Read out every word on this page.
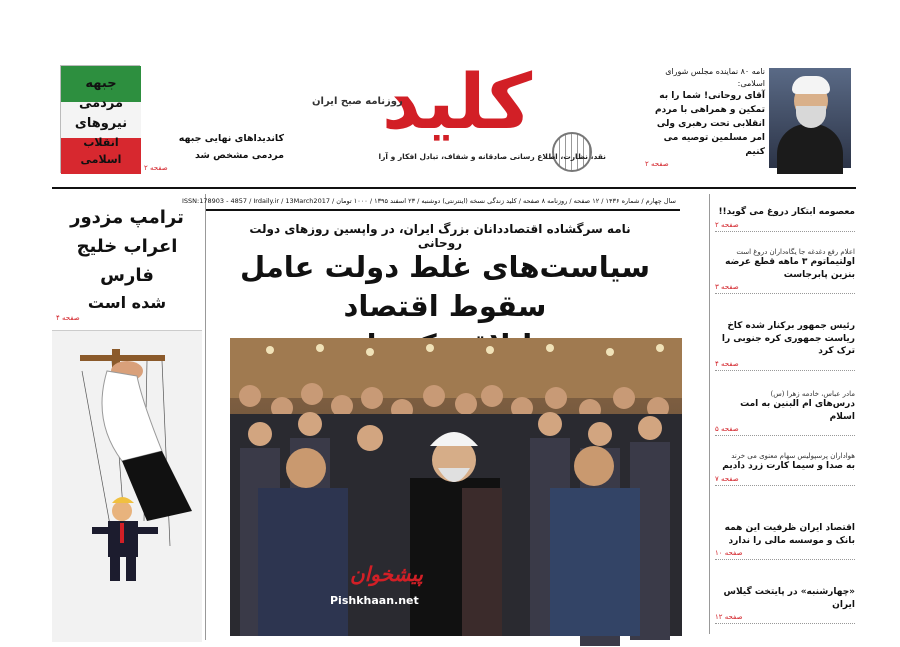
نامه ۸۰ نماینده مجلس شورای
اسلامی:
آقای روحانی! شما را به
تمکین و همراهی با مردم
انقلابی تحت رهبری ولی
امر مسلمین توصیه می کنیم
صفحه ۲
کلید
روزنامه صبح ایران
نقد، نظارت، اطلاع رسانی صادقانه و شفاف، تبادل افکار و آرا
کاندیداهای نهایی جبهه
مردمی مشخص شد
صفحه ۲
جبهه مردمی
نیروهای
انقلاب اسلامی
سال چهارم / شماره ۱۴۳۶ / ۱۲ صفحه / روزنامه ۸ صفحه / کلید زندگی نسخه (اینترنتی) دوشنبه / ۲۳ اسفند ۱۳۹۵ / ۱۰۰۰ تومان / ISSN:178903 - 4857 / Irdaily.ir / 13March2017
ترامپ مزدور
اعراب خلیج فارس
شده است
صفحه ۴
نامه سرگشاده اقتصاددانان بزرگ ایران، در واپسین روزهای دولت روحانی
سیاست‌های غلط دولت عامل سقوط اقتصاد
پیشخوان
Pishkhaan.net
معصومه ابتکار دروغ می گوید!!
صفحه ۲
اعلام رفع دغدغه جا یگاه‌داران دروغ است
اولتیماتوم ۳ ماهه قطع عرضه بنزین پابرجاست
صفحه ۳
رئیس جمهور برکنار شده کاخ ریاست جمهوری کره جنوبی را ترک کرد
صفحه ۴
مادر عباس، خادمه زهرا (س)
درس‌های ام البنین به امت اسلام
صفحه ۵
هواداران پرسپولیس سهام معنوی می خرند
به صدا و سیما کارت زرد دادیم
صفحه ۷
اقتصاد ایران ظرفیت این همه بانک و موسسه مالی را ندارد
صفحه ۱۰
«چهارشنبه» در پایتخت گیلاس ایران
صفحه ۱۲
